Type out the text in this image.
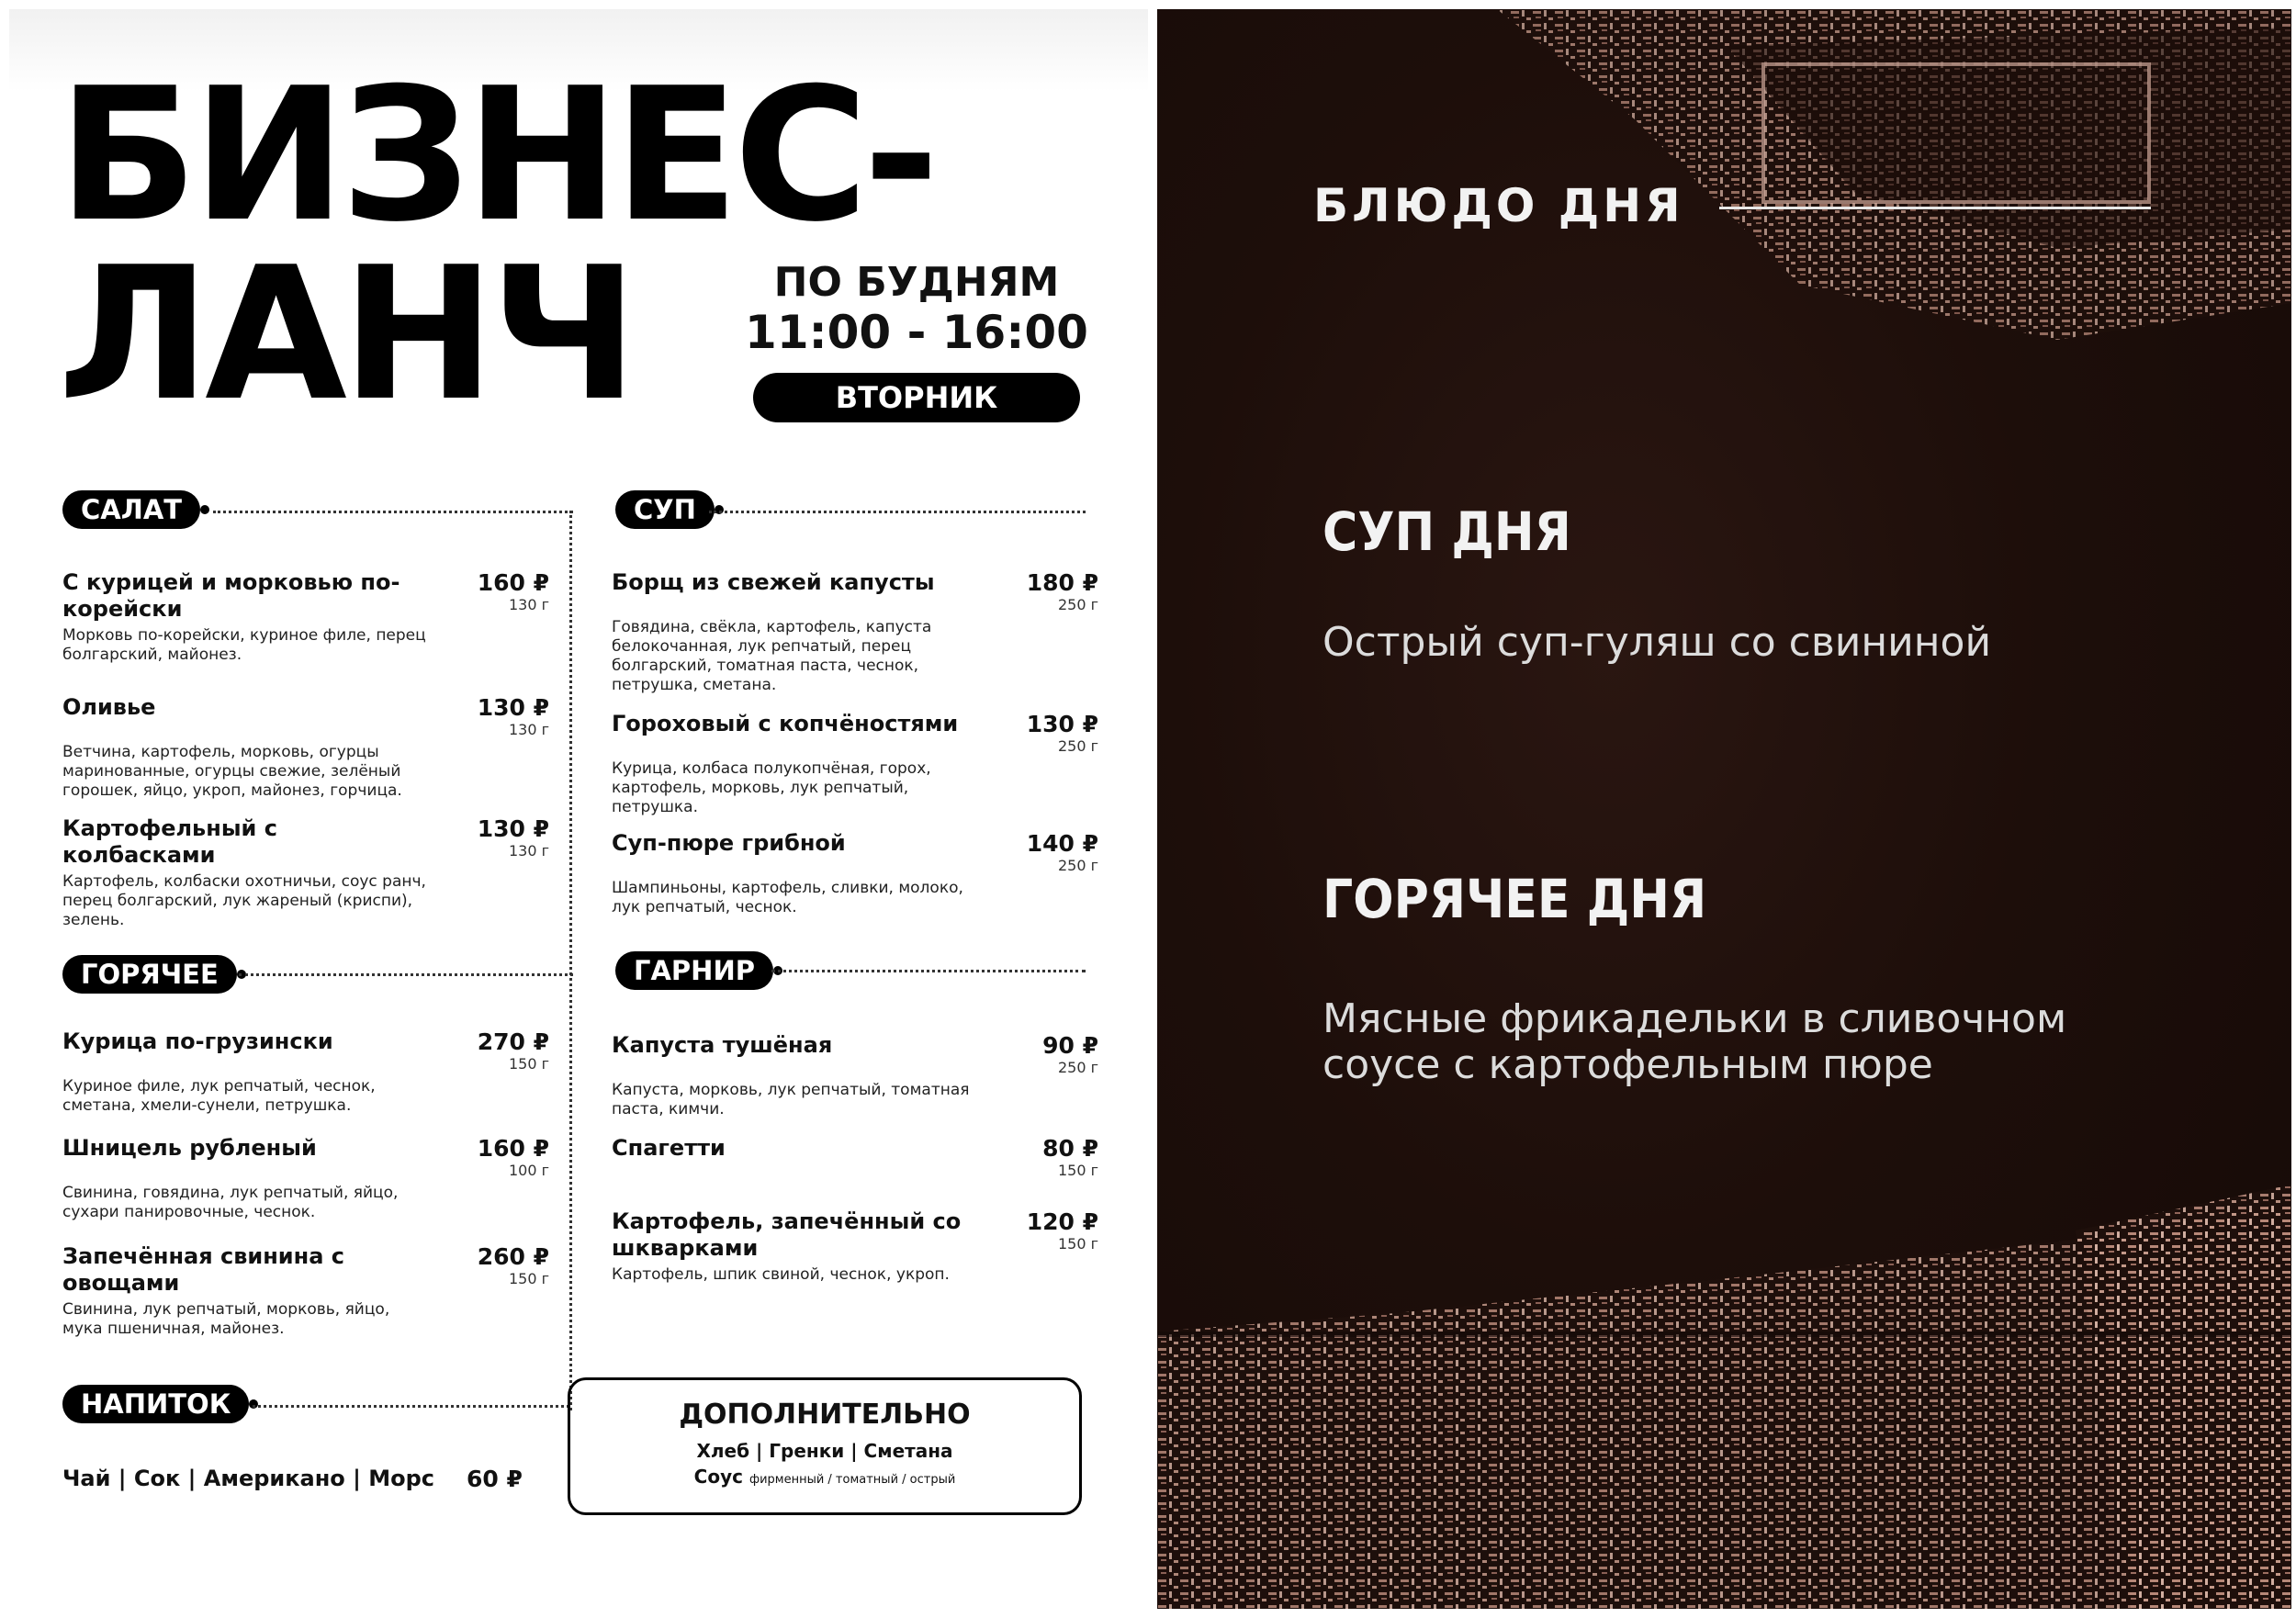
БИЗНЕС-
ЛАНЧ	ПО БУДНЯМ
11:00 - 16:00
ВТОРНИК
САЛАТ	СУП
ГОРЯЧЕЕ	ГАРНИР
НАПИТОК
С курицей и морковью по-корейски
160 ₽
130 г
Морковь по-корейски, куриное филе, перец болгарский, майонез.
Оливье	130 ₽
130 г
Ветчина, картофель, морковь, огурцы маринованные, огурцы свежие, зелёный горошек, яйцо, укроп, майонез, горчица.
Картофельный с колбасками
130 ₽
130 г
Картофель, колбаски охотничьи, соус ранч, перец болгарский, лук жареный (криспи), зелень.
Борщ из свежей капусты	180 ₽
250 г
Говядина, свёкла, картофель, капуста белокочанная, лук репчатый, перец болгарский, томатная паста, чеснок, петрушка, сметана.
Гороховый с копчёностями	130 ₽
250 г
Курица, колбаса полукопчёная, горох, картофель, морковь, лук репчатый, петрушка.
Суп-пюре грибной	140 ₽
250 г
Шампиньоны, картофель, сливки, молоко, лук репчатый, чеснок.
Курица по-грузински	270 ₽
150 г
Куриное филе, лук репчатый, чеснок, сметана, хмели-сунели, петрушка.
Шницель рубленый	160 ₽
100 г
Свинина, говядина, лук репчатый, яйцо, сухари панировочные, чеснок.
Запечённая свинина с овощами
260 ₽
150 г
Свинина, лук репчатый, морковь, яйцо, мука пшеничная, майонез.
Капуста тушёная	90 ₽
250 г
Капуста, морковь, лук репчатый, томатная паста, кимчи.
Спагетти	80 ₽
150 г
Картофель, запечённый со шкварками
120 ₽
150 г
Картофель, шпик свиной, чеснок, укроп.
Чай | Сок | Американо | Морс 60 ₽
ДОПОЛНИТЕЛЬНО
Хлеб | Гренки | Сметана
Соус фирменный / томатный / острый
БЛЮДО ДНЯ
СУП ДНЯ
Острый суп-гуляш со свининой
ГОРЯЧЕЕ ДНЯ
Мясные фрикадельки в сливочном соусе с картофельным пюре
